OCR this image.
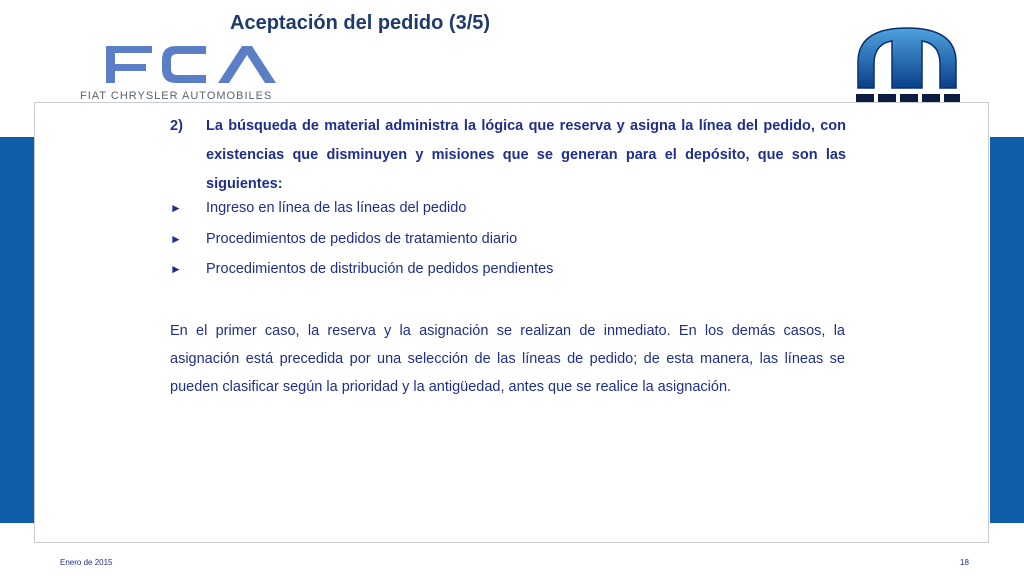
Aceptación del pedido (3/5)
FIAT CHRYSLER AUTOMOBILES
2) La búsqueda de material administra la lógica que reserva y asigna la línea del pedido, con existencias que disminuyen y misiones que se generan para el depósito, que son las siguientes:
► Ingreso en línea de las líneas del pedido
► Procedimientos de pedidos de tratamiento diario
► Procedimientos de distribución de pedidos pendientes

En el primer caso, la reserva y la asignación se realizan de inmediato. En los demás casos, la asignación está precedida por una selección de las líneas de pedido; de esta manera, las líneas se pueden clasificar según la prioridad y la antigüedad, antes que se realice la asignación.

Enero de 2015	18
